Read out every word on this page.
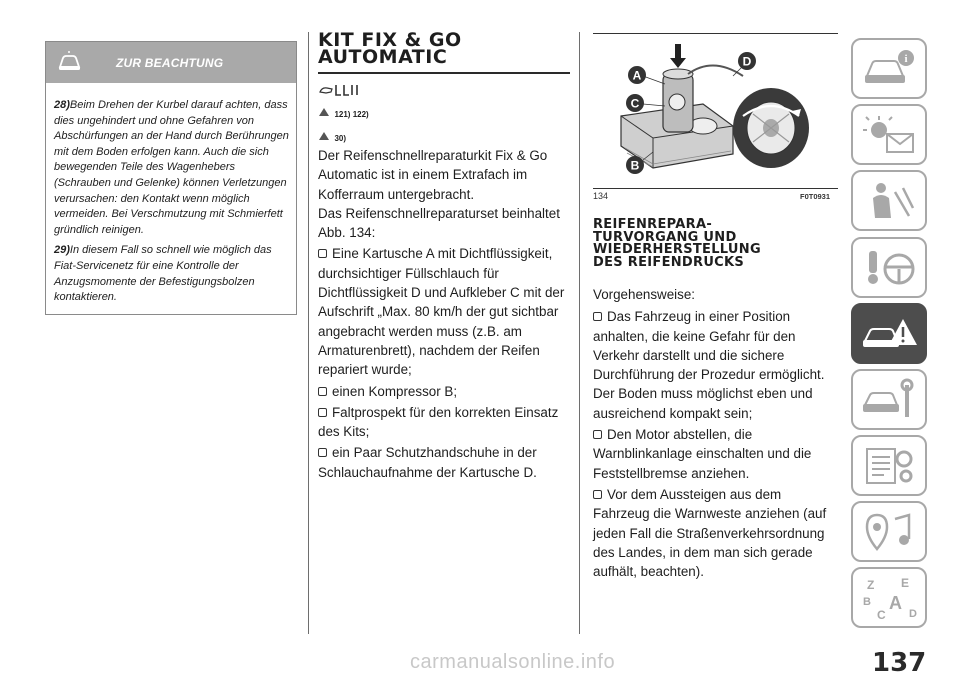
ZUR BEACHTUNG

28)Beim Drehen der Kurbel darauf achten, dass dies ungehindert und ohne Gefahren von Abschürfungen an der Hand durch Berührungen mit dem Boden erfolgen kann. Auch die sich bewegenden Teile des Wagenhebers (Schrauben und Gelenke) können Verletzungen verursachen: den Kontakt wenn möglich vermeiden. Bei Verschmutzung mit Schmierfett gründlich reinigen.

29)In diesem Fall so schnell wie möglich das Fiat-Servicenetz für eine Kontrolle der Anzugsmomente der Befestigungsbolzen kontaktieren.

KIT FIX & GO
AUTOMATIC
121) 122)
30)

Der Reifenschnellreparaturkit Fix & Go Automatic ist in einem Extrafach im Kofferraum untergebracht.

Das Reifenschnellreparaturset beinhaltet Abb. 134:

Eine Kartusche A mit Dichtflüssigkeit, durchsichtiger Füllschlauch für Dichtflüssigkeit D und Aufkleber C mit der Aufschrift „Max. 80 km/h der gut sichtbar angebracht werden muss (z.B. am Armaturenbrett), nachdem der Reifen repariert wurde;

einen Kompressor B;

Faltprospekt für den korrekten Einsatz des Kits;

ein Paar Schutzhandschuhe in der Schlauchaufnahme der Kartusche D.

A
C
B
D
134	F0T0931
REIFENREPARA-
TURVORGANG UND
WIEDERHERSTELLUNG
DES REIFENDRUCKS

Vorgehensweise:

Das Fahrzeug in einer Position anhalten, die keine Gefahr für den Verkehr darstellt und die sichere Durchführung der Prozedur ermöglicht. Der Boden muss möglichst eben und ausreichend kompakt sein;

Den Motor abstellen, die Warnblinkanlage einschalten und die Feststellbremse anziehen.

Vor dem Aussteigen aus dem Fahrzeug die Warnweste anziehen (auf jeden Fall die Straßenverkehrsordnung des Landes, in dem man sich gerade aufhält, beachten).

i
Z E
B A
C D
137
carmanualsonline.info
